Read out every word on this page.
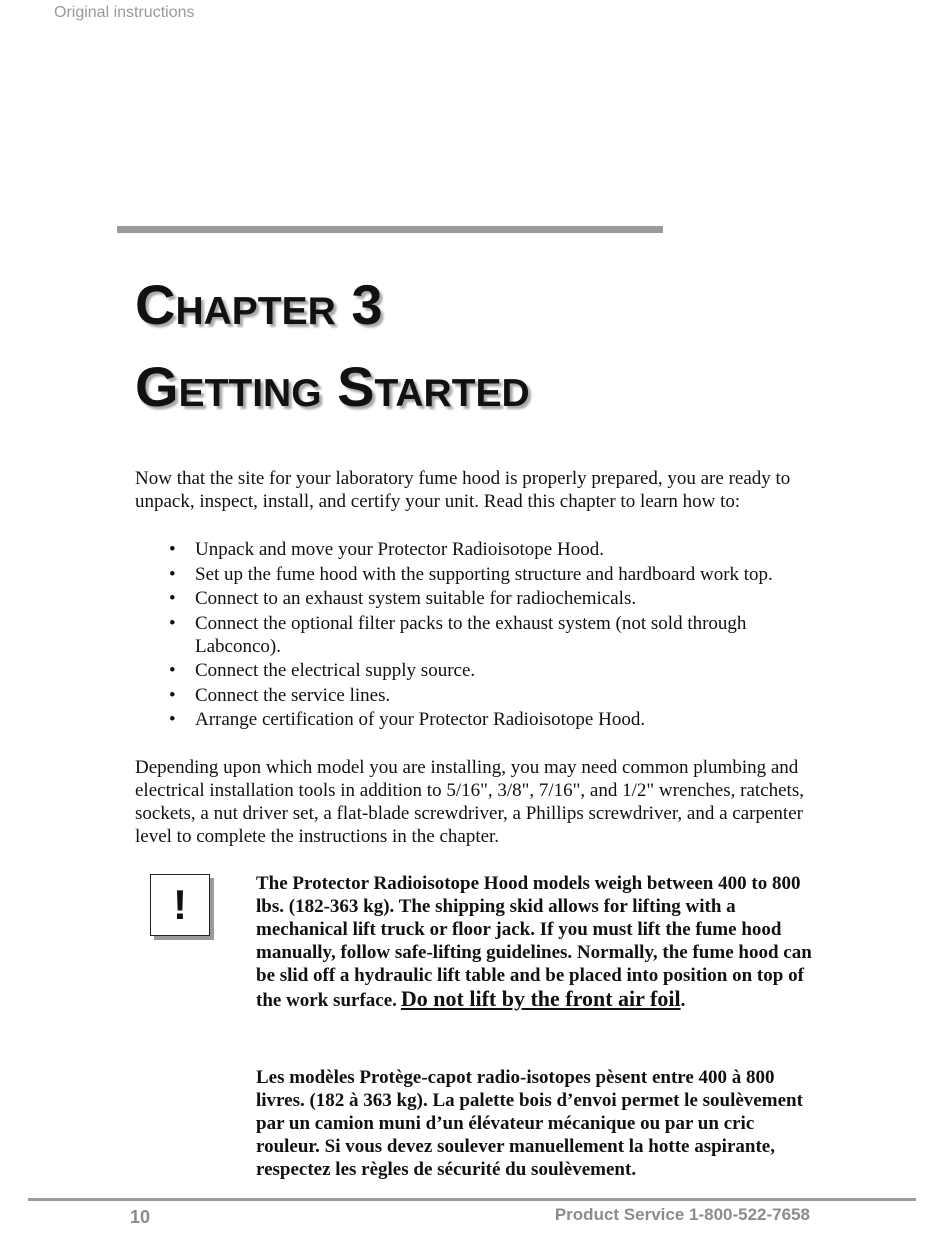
Original instructions
Chapter 3
Getting Started

Now that the site for your laboratory fume hood is properly prepared, you are ready to unpack, inspect, install, and certify your unit. Read this chapter to learn how to:

• Unpack and move your Protector Radioisotope Hood.
• Set up the fume hood with the supporting structure and hardboard work top.
• Connect to an exhaust system suitable for radiochemicals.
• Connect the optional filter packs to the exhaust system (not sold through Labconco).
• Connect the electrical supply source.
• Connect the service lines.
• Arrange certification of your Protector Radioisotope Hood.

Depending upon which model you are installing, you may need common plumbing and electrical installation tools in addition to 5/16", 3/8", 7/16", and 1/2" wrenches, ratchets, sockets, a nut driver set, a flat-blade screwdriver, a Phillips screwdriver, and a carpenter level to complete the instructions in the chapter.

!	The Protector Radioisotope Hood models weigh between 400 to 800 lbs. (182-363 kg). The shipping skid allows for lifting with a mechanical lift truck or floor jack. If you must lift the fume hood manually, follow safe-lifting guidelines. Normally, the fume hood can be slid off a hydraulic lift table and be placed into position on top of the work surface. Do not lift by the front air foil.

Les modèles Protège-capot radio-isotopes pèsent entre 400 à 800 livres. (182 à 363 kg). La palette bois d’envoi permet le soulèvement par un camion muni d’un élévateur mécanique ou par un cric rouleur. Si vous devez soulever manuellement la hotte aspirante, respectez les règles de sécurité du soulèvement.

10	Product Service 1-800-522-7658
